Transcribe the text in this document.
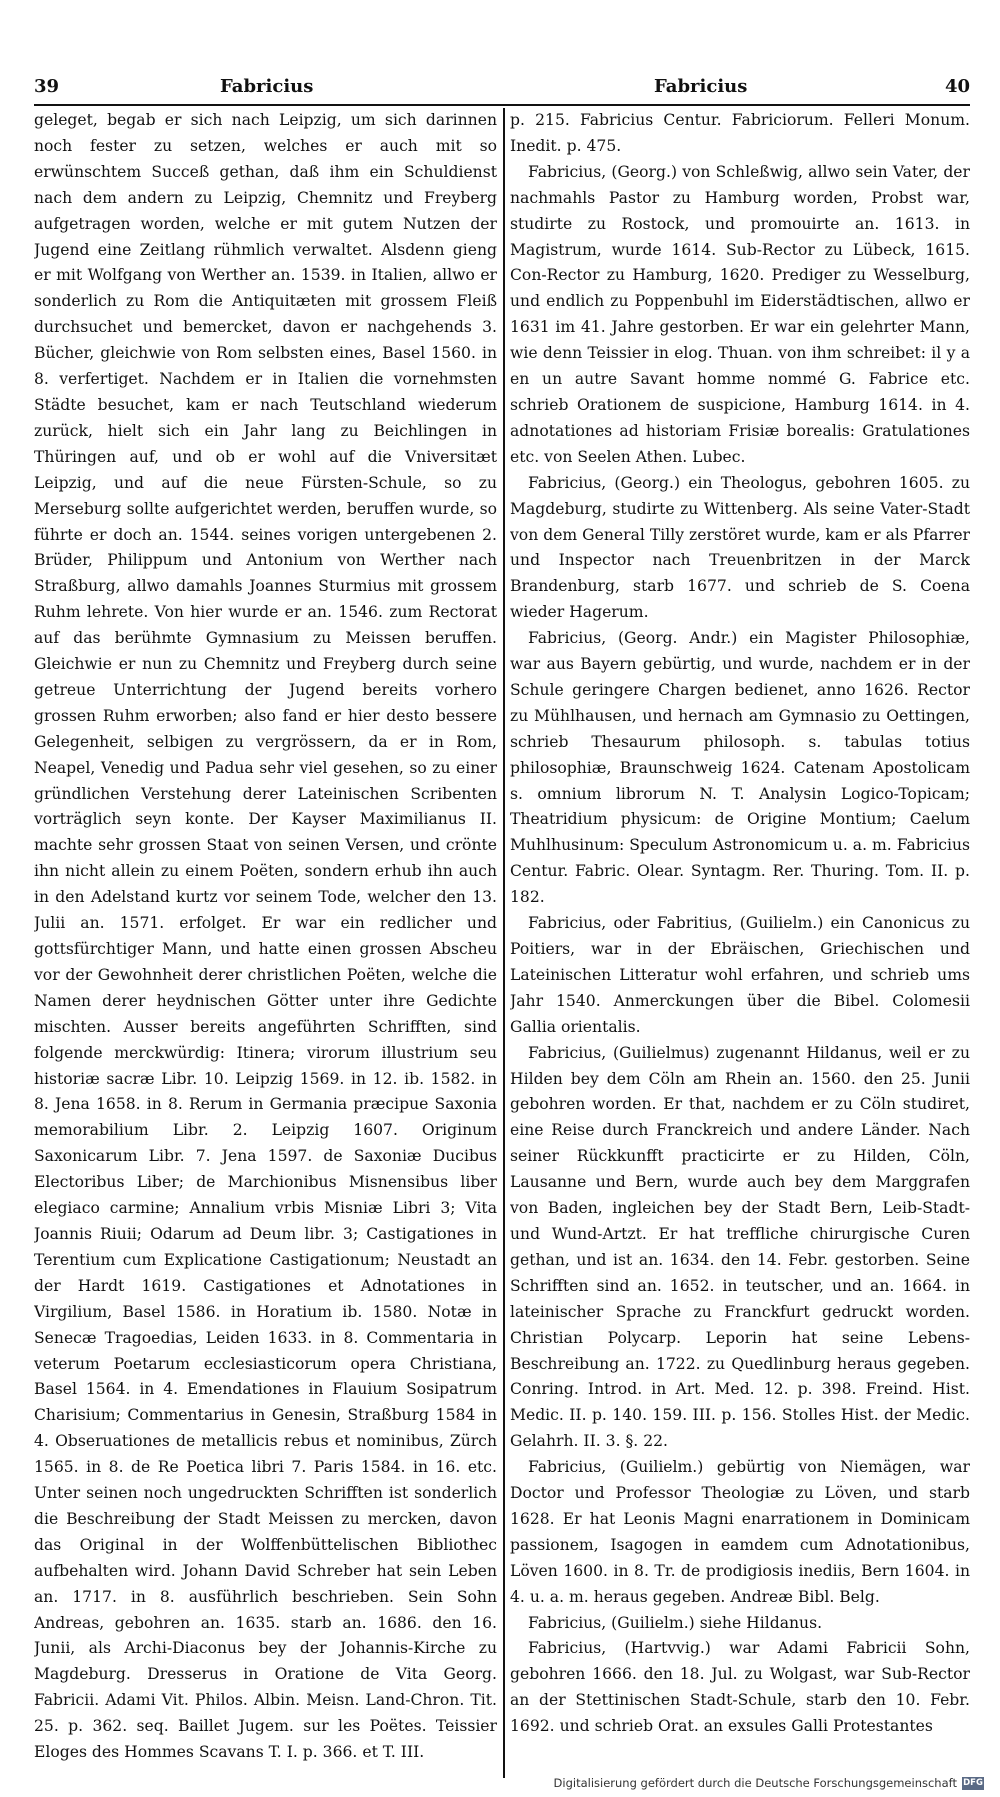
39	Fabricius	Fabricius	40

geleget, begab er sich nach Leipzig, um sich darinnen noch fester zu setzen, welches er auch mit so erwünschtem Succeß gethan, daß ihm ein Schuldienst nach dem andern zu Leipzig, Chemnitz und Freyberg aufgetragen worden, welche er mit gutem Nutzen der Jugend eine Zeitlang rühmlich verwaltet. Alsdenn gieng er mit Wolfgang von Werther an. 1539. in Italien, allwo er sonderlich zu Rom die Antiquitæten mit grossem Fleiß durchsuchet und bemercket, davon er nachgehends 3. Bücher, gleichwie von Rom selbsten eines, Basel 1560. in 8. verfertiget. Nachdem er in Italien die vornehmsten Städte besuchet, kam er nach Teutschland wiederum zurück, hielt sich ein Jahr lang zu Beichlingen in Thüringen auf, und ob er wohl auf die Vniversitæt Leipzig, und auf die neue Fürsten-Schule, so zu Merseburg sollte aufgerichtet werden, beruffen wurde, so führte er doch an. 1544. seines vorigen untergebenen 2. Brüder, Philippum und Antonium von Werther nach Straßburg, allwo damahls Joannes Sturmius mit grossem Ruhm lehrete. Von hier wurde er an. 1546. zum Rectorat auf das berühmte Gymnasium zu Meissen beruffen. Gleichwie er nun zu Chemnitz und Freyberg durch seine getreue Unterrichtung der Jugend bereits vorhero grossen Ruhm erworben; also fand er hier desto bessere Gelegenheit, selbigen zu vergrössern, da er in Rom, Neapel, Venedig und Padua sehr viel gesehen, so zu einer gründlichen Verstehung derer Lateinischen Scribenten vorträglich seyn konte. Der Kayser Maximilianus II. machte sehr grossen Staat von seinen Versen, und crönte ihn nicht allein zu einem Poëten, sondern erhub ihn auch in den Adelstand kurtz vor seinem Tode, welcher den 13. Julii an. 1571. erfolget. Er war ein redlicher und gottsfürchtiger Mann, und hatte einen grossen Abscheu vor der Gewohnheit derer christlichen Poëten, welche die Namen derer heydnischen Götter unter ihre Gedichte mischten. Ausser bereits angeführten Schrifften, sind folgende merckwürdig: Itinera; virorum illustrium seu historiæ sacræ Libr. 10. Leipzig 1569. in 12. ib. 1582. in 8. Jena 1658. in 8. Rerum in Germania præcipue Saxonia memorabilium Libr. 2. Leipzig 1607. Originum Saxonicarum Libr. 7. Jena 1597. de Saxoniæ Ducibus Electoribus Liber; de Marchionibus Misnensibus liber elegiaco carmine; Annalium vrbis Misniæ Libri 3; Vita Joannis Riuii; Odarum ad Deum libr. 3; Castigationes in Terentium cum Explicatione Castigationum; Neustadt an der Hardt 1619. Castigationes et Adnotationes in Virgilium, Basel 1586. in Horatium ib. 1580. Notæ in Senecæ Tragoedias, Leiden 1633. in 8. Commentaria in veterum Poetarum ecclesiasticorum opera Christiana, Basel 1564. in 4. Emendationes in Flauium Sosipatrum Charisium; Commentarius in Genesin, Straßburg 1584 in 4. Obseruationes de metallicis rebus et nominibus, Zürch 1565. in 8. de Re Poetica libri 7. Paris 1584. in 16. etc. Unter seinen noch ungedruckten Schrifften ist sonderlich die Beschreibung der Stadt Meissen zu mercken, davon das Original in der Wolffenbüttelischen Bibliothec aufbehalten wird. Johann David Schreber hat sein Leben an. 1717. in 8. ausführlich beschrieben. Sein Sohn Andreas, gebohren an. 1635. starb an. 1686. den 16. Junii, als Archi-Diaconus bey der Johannis-Kirche zu Magdeburg. Dresserus in Oratione de Vita Georg. Fabricii. Adami Vit. Philos. Albin. Meisn. Land-Chron. Tit. 25. p. 362. seq. Baillet Jugem. sur les Poëtes. Teissier Eloges des Hommes Scavans T. I. p. 366. et T. III.

p. 215. Fabricius Centur. Fabriciorum. Felleri Monum. Inedit. p. 475.

Fabricius, (Georg.) von Schleßwig, allwo sein Vater, der nachmahls Pastor zu Hamburg worden, Probst war, studirte zu Rostock, und promouirte an. 1613. in Magistrum, wurde 1614. Sub-Rector zu Lübeck, 1615. Con-Rector zu Hamburg, 1620. Prediger zu Wesselburg, und endlich zu Poppenbuhl im Eiderstädtischen, allwo er 1631 im 41. Jahre gestorben. Er war ein gelehrter Mann, wie denn Teissier in elog. Thuan. von ihm schreibet: il y a en un autre Savant homme nommé G. Fabrice etc. schrieb Orationem de suspicione, Hamburg 1614. in 4. adnotationes ad historiam Frisiæ borealis: Gratulationes etc. von Seelen Athen. Lubec.

Fabricius, (Georg.) ein Theologus, gebohren 1605. zu Magdeburg, studirte zu Wittenberg. Als seine Vater-Stadt von dem General Tilly zerstöret wurde, kam er als Pfarrer und Inspector nach Treuenbritzen in der Marck Brandenburg, starb 1677. und schrieb de S. Coena wieder Hagerum.

Fabricius, (Georg. Andr.) ein Magister Philosophiæ, war aus Bayern gebürtig, und wurde, nachdem er in der Schule geringere Chargen bedienet, anno 1626. Rector zu Mühlhausen, und hernach am Gymnasio zu Oettingen, schrieb Thesaurum philosoph. s. tabulas totius philosophiæ, Braunschweig 1624. Catenam Apostolicam s. omnium librorum N. T. Analysin Logico-Topicam; Theatridium physicum: de Origine Montium; Caelum Muhlhusinum: Speculum Astronomicum u. a. m. Fabricius Centur. Fabric. Olear. Syntagm. Rer. Thuring. Tom. II. p. 182.

Fabricius, oder Fabritius, (Guilielm.) ein Canonicus zu Poitiers, war in der Ebräischen, Griechischen und Lateinischen Litteratur wohl erfahren, und schrieb ums Jahr 1540. Anmerckungen über die Bibel. Colomesii Gallia orientalis.

Fabricius, (Guilielmus) zugenannt Hildanus, weil er zu Hilden bey dem Cöln am Rhein an. 1560. den 25. Junii gebohren worden. Er that, nachdem er zu Cöln studiret, eine Reise durch Franckreich und andere Länder. Nach seiner Rückkunfft practicirte er zu Hilden, Cöln, Lausanne und Bern, wurde auch bey dem Marggrafen von Baden, ingleichen bey der Stadt Bern, Leib-Stadt- und Wund-Artzt. Er hat treffliche chirurgische Curen gethan, und ist an. 1634. den 14. Febr. gestorben. Seine Schrifften sind an. 1652. in teutscher, und an. 1664. in lateinischer Sprache zu Franckfurt gedruckt worden. Christian Polycarp. Leporin hat seine Lebens-Beschreibung an. 1722. zu Quedlinburg heraus gegeben. Conring. Introd. in Art. Med. 12. p. 398. Freind. Hist. Medic. II. p. 140. 159. III. p. 156. Stolles Hist. der Medic. Gelahrh. II. 3. §. 22.

Fabricius, (Guilielm.) gebürtig von Niemägen, war Doctor und Professor Theologiæ zu Löven, und starb 1628. Er hat Leonis Magni enarrationem in Dominicam passionem, Isagogen in eamdem cum Adnotationibus, Löven 1600. in 8. Tr. de prodigiosis inediis, Bern 1604. in 4. u. a. m. heraus gegeben. Andreæ Bibl. Belg.

Fabricius, (Guilielm.) siehe Hildanus.

Fabricius, (Hartvvig.) war Adami Fabricii Sohn, gebohren 1666. den 18. Jul. zu Wolgast, war Sub-Rector an der Stettinischen Stadt-Schule, starb den 10. Febr. 1692. und schrieb Orat. an exsules Galli Protestantes

Digitalisierung gefördert durch die Deutsche Forschungsgemeinschaft DFG
